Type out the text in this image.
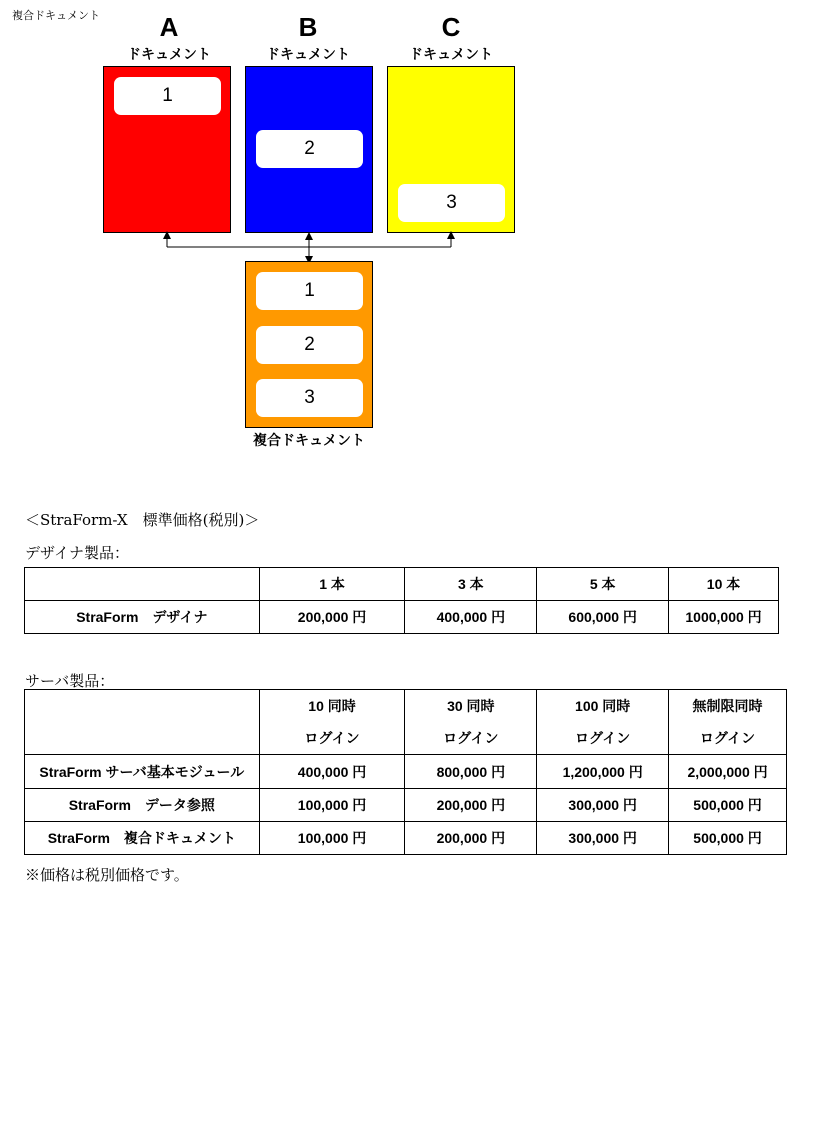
複合ドキュメント	A
ドキュメント
1
B
ドキュメント
2
C
ドキュメント
3
1
2
3
複合ドキュメント
＜StraForm-X　標準価格(税別)＞
デザイナ製品：
	1 本	3 本	5 本	10 本
StraForm　デザイナ	200,000 円	400,000 円	600,000 円	1000,000 円
サーバ製品：
	10 同時	30 同時	100 同時	無制限同時
	ログイン	ログイン	ログイン	ログイン
StraForm サーバ基本モジュール	400,000 円	800,000 円	1,200,000 円	2,000,000 円
StraForm　データ参照	100,000 円	200,000 円	300,000 円	500,000 円
StraForm　複合ドキュメント	100,000 円	200,000 円	300,000 円	500,000 円
※価格は税別価格です。
